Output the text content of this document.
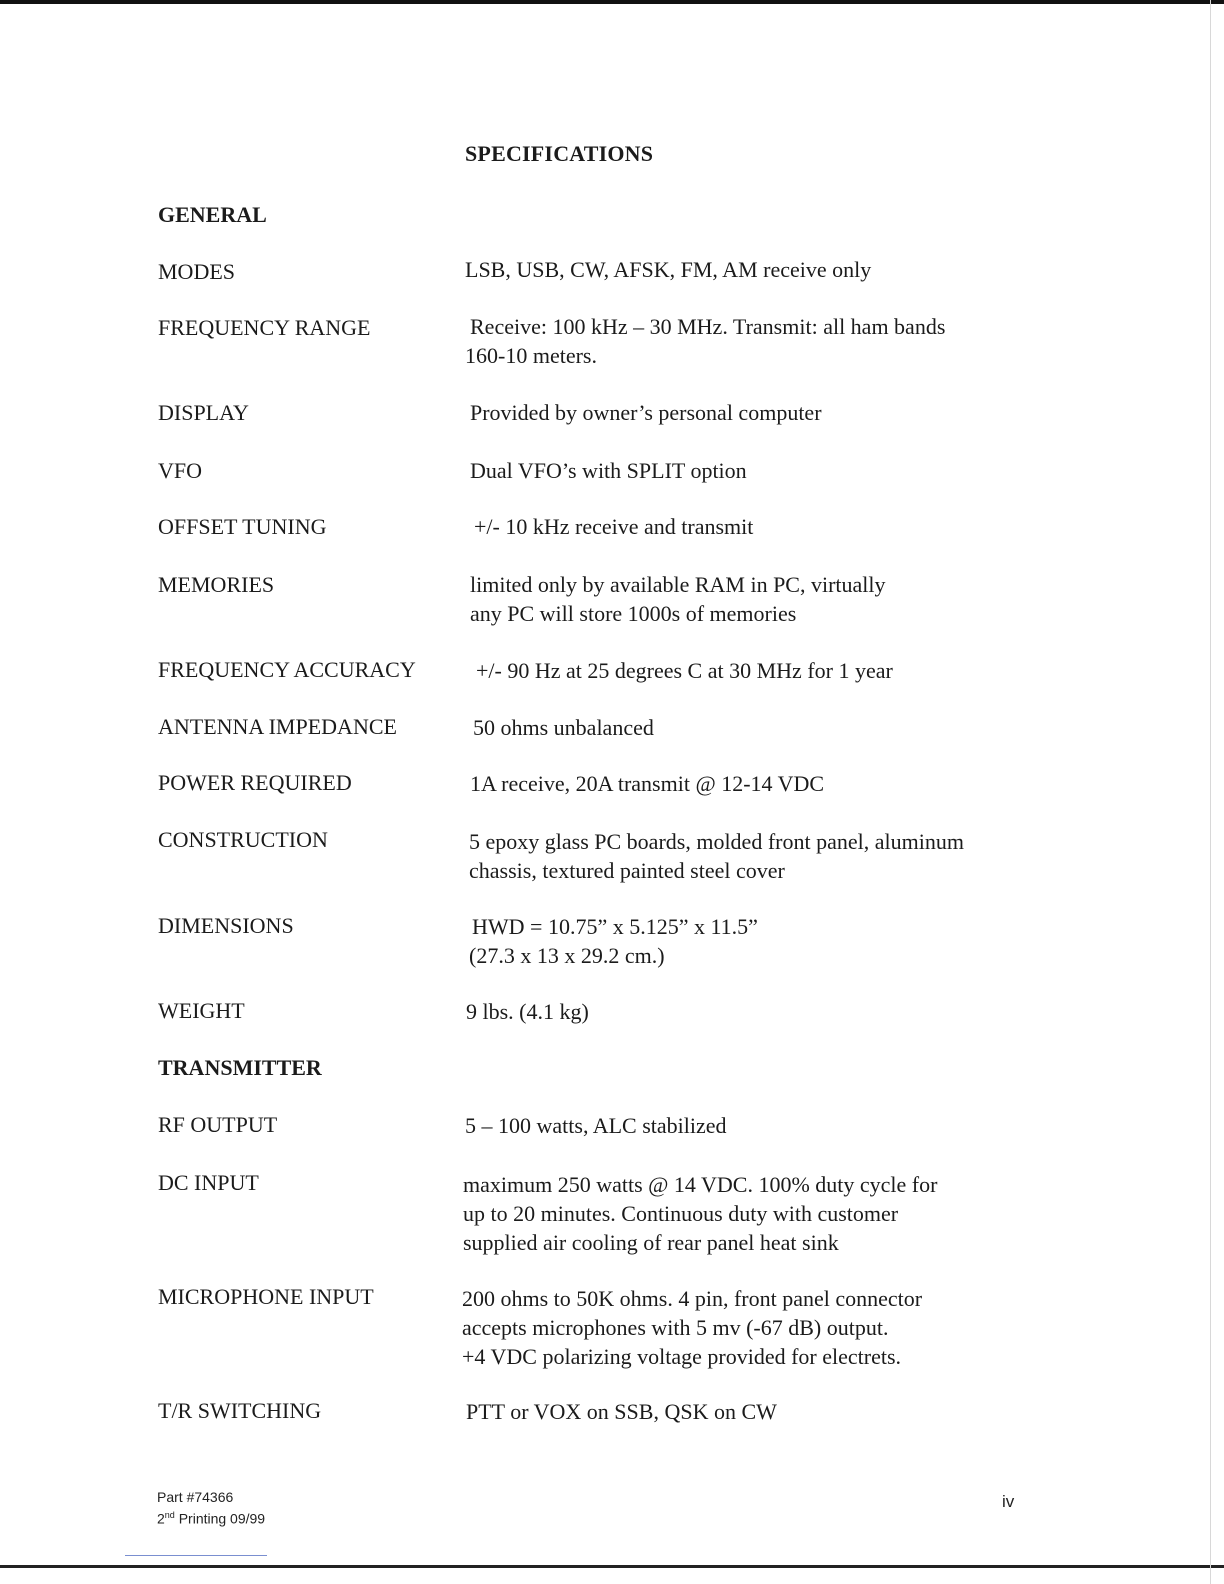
SPECIFICATIONS
GENERAL
MODES	LSB, USB, CW, AFSK, FM, AM receive only
FREQUENCY RANGE	Receive: 100 kHz – 30 MHz. Transmit: all ham bands
160-10 meters.
DISPLAY	Provided by owner’s personal computer
VFO	Dual VFO’s with SPLIT option
OFFSET TUNING	+/- 10 kHz receive and transmit
MEMORIES	limited only by available RAM in PC, virtually
any PC will store 1000s of memories
FREQUENCY ACCURACY	+/- 90 Hz at 25 degrees C at 30 MHz for 1 year
ANTENNA IMPEDANCE	50 ohms unbalanced
POWER REQUIRED	1A receive, 20A transmit @ 12-14 VDC
CONSTRUCTION	5 epoxy glass PC boards, molded front panel, aluminum
chassis, textured painted steel cover
DIMENSIONS	HWD = 10.75” x 5.125” x 11.5”
(27.3 x 13 x 29.2 cm.)
WEIGHT	9 lbs. (4.1 kg)
TRANSMITTER
RF OUTPUT	5 – 100 watts, ALC stabilized
DC INPUT	maximum 250 watts @ 14 VDC. 100% duty cycle for
up to 20 minutes. Continuous duty with customer
supplied air cooling of rear panel heat sink
MICROPHONE INPUT	200 ohms to 50K ohms. 4 pin, front panel connector
accepts microphones with 5 mv (-67 dB) output.
+4 VDC polarizing voltage provided for electrets.
T/R SWITCHING	PTT or VOX on SSB, QSK on CW
Part #74366
2nd Printing 09/99
iv
